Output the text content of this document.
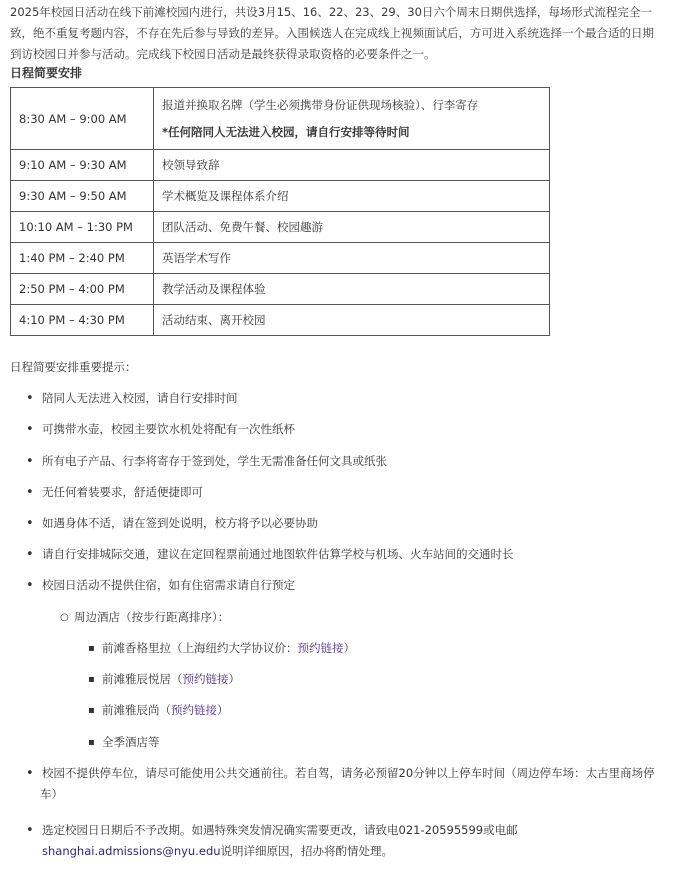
2025年校园日活动在线下前滩校园内进行，共设3月15、16、22、23、29、30日六个周末日期供选择，每场形式流程完全一
致，绝不重复考题内容，不存在先后参与导致的差异。入围候选人在完成线上视频面试后，方可进入系统选择一个最合适的日期
到访校园日并参与活动。完成线下校园日活动是最终获得录取资格的必要条件之一。
日程简要安排
8:30 AM – 9:00 AM	报道并换取名牌（学生必须携带身份证供现场核验）、行李寄存
*任何陪同人无法进入校园，请自行安排等待时间

9:10 AM – 9:30 AM	校领导致辞
9:30 AM – 9:50 AM	学术概览及课程体系介绍
10:10 AM – 1:30 PM	团队活动、免费午餐、校园趣游
1:40 PM – 2:40 PM	英语学术写作
2:50 PM – 4:00 PM	教学活动及课程体验
4:10 PM – 4:30 PM	活动结束、离开校园
日程简要安排重要提示：
• 陪同人无法进入校园，请自行安排时间
• 可携带水壶，校园主要饮水机处将配有一次性纸杯
• 所有电子产品、行李将寄存于签到处，学生无需准备任何文具或纸张
• 无任何着装要求，舒适便捷即可
• 如遇身体不适，请在签到处说明，校方将予以必要协助
• 请自行安排城际交通，建议在定回程票前通过地图软件估算学校与机场、火车站间的交通时长
• 校园日活动不提供住宿，如有住宿需求请自行预定
○ 周边酒店（按步行距离排序）：
▪ 前滩香格里拉（上海纽约大学协议价：预约链接）
▪ 前滩雅辰悦居（预约链接）
▪ 前滩雅辰尚（预约链接）
▪ 全季酒店等
• 校园不提供停车位，请尽可能使用公共交通前往。若自驾，请务必预留20分钟以上停车时间（周边停车场：太古里商场停
车）
• 选定校园日日期后不予改期。如遇特殊突发情况确实需要更改，请致电021-20595599或电邮
shanghai.admissions@nyu.edu说明详细原因，招办将酌情处理。
